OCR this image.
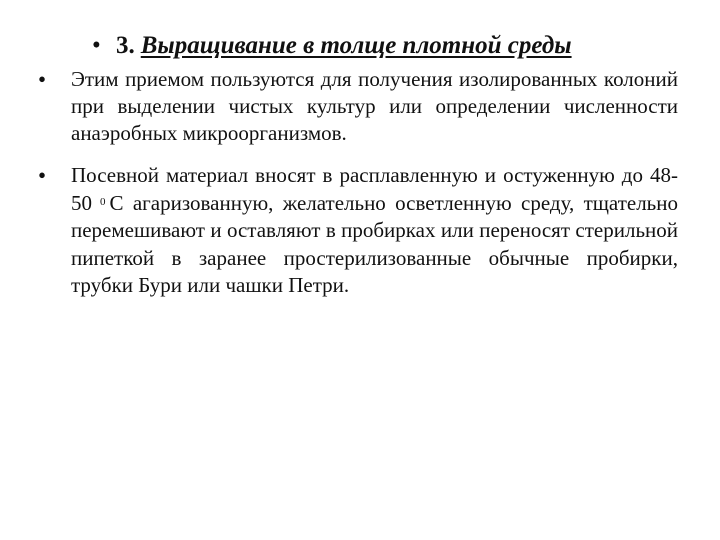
• 3. Выращивание в толще плотной среды
•	Этим приемом пользуются для получения изолированных колоний при выделении чистых культур или определении численности анаэробных микроорганизмов.
•	Посевной материал вносят в расплавленную и остуженную до 48-50 $^0$ С агаризованную, желательно осветленную среду, тщательно перемешивают и оставляют в пробирках или переносят стерильной пипеткой в заранее простерилизованные обычные пробирки, трубки Бури или чашки Петри.
